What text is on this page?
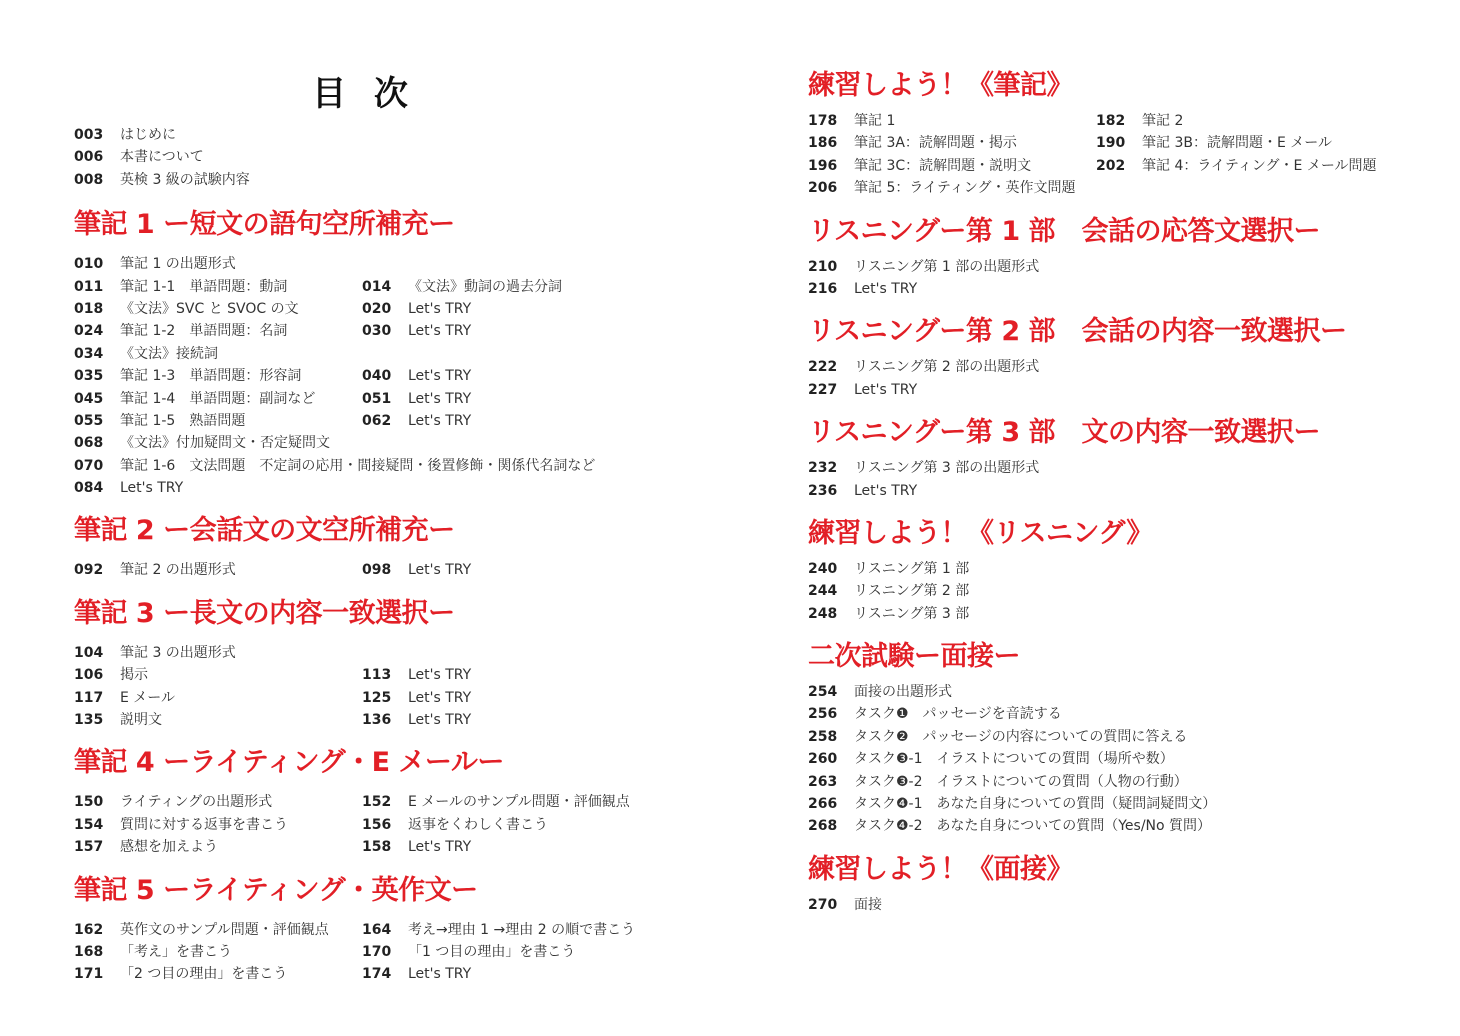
目 次
003 はじめに
006 本書について
008 英検 3 級の試験内容
筆記 1 ー短文の語句空所補充ー
010 筆記 1 の出題形式
011 筆記 1-1　単語問題：動詞	014 《文法》動詞の過去分詞
018 《文法》SVC と SVOC の文	020 Let's TRY
024 筆記 1-2　単語問題：名詞	030 Let's TRY
034 《文法》接続詞
035 筆記 1-3　単語問題：形容詞	040 Let's TRY
045 筆記 1-4　単語問題：副詞など	051 Let's TRY
055 筆記 1-5　熟語問題	062 Let's TRY
068 《文法》付加疑問文・否定疑問文
070 筆記 1-6　文法問題　不定詞の応用・間接疑問・後置修飾・関係代名詞など
084 Let's TRY
筆記 2 ー会話文の文空所補充ー
092 筆記 2 の出題形式	098 Let's TRY
筆記 3 ー長文の内容一致選択ー
104 筆記 3 の出題形式
106 掲示	113 Let's TRY
117 E メール	125 Let's TRY
135 説明文	136 Let's TRY
筆記 4 ーライティング・E メールー
150 ライティングの出題形式	152 E メールのサンプル問題・評価観点
154 質問に対する返事を書こう	156 返事をくわしく書こう
157 感想を加えよう	158 Let's TRY
筆記 5 ーライティング・英作文ー
162 英作文のサンプル問題・評価観点 164 考え→理由 1 →理由 2 の順で書こう
168 「考え」を書こう	170 「1 つ目の理由」を書こう
171 「2 つ目の理由」を書こう	174 Let's TRY
練習しよう！《筆記》
178 筆記 1	182 筆記 2
186 筆記 3A：読解問題・掲示	190 筆記 3B：読解問題・E メール
196 筆記 3C：読解問題・説明文	202 筆記 4：ライティング・E メール問題
206 筆記 5：ライティング・英作文問題
リスニングー第 1 部　会話の応答文選択ー
210 リスニング第 1 部の出題形式
216 Let's TRY
リスニングー第 2 部　会話の内容一致選択ー
222 リスニング第 2 部の出題形式
227 Let's TRY
リスニングー第 3 部　文の内容一致選択ー
232 リスニング第 3 部の出題形式
236 Let's TRY
練習しよう！《リスニング》
240 リスニング第 1 部
244 リスニング第 2 部
248 リスニング第 3 部
二次試験ー面接ー
254 面接の出題形式
256 タスク❶　パッセージを音読する
258 タスク❷　パッセージの内容についての質問に答える
260 タスク❸-1　イラストについての質問（場所や数）
263 タスク❸-2　イラストについての質問（人物の行動）
266 タスク❹-1　あなた自身についての質問（疑問詞疑問文）
268 タスク❹-2　あなた自身についての質問（Yes/No 質問）
練習しよう！《面接》
270 面接
